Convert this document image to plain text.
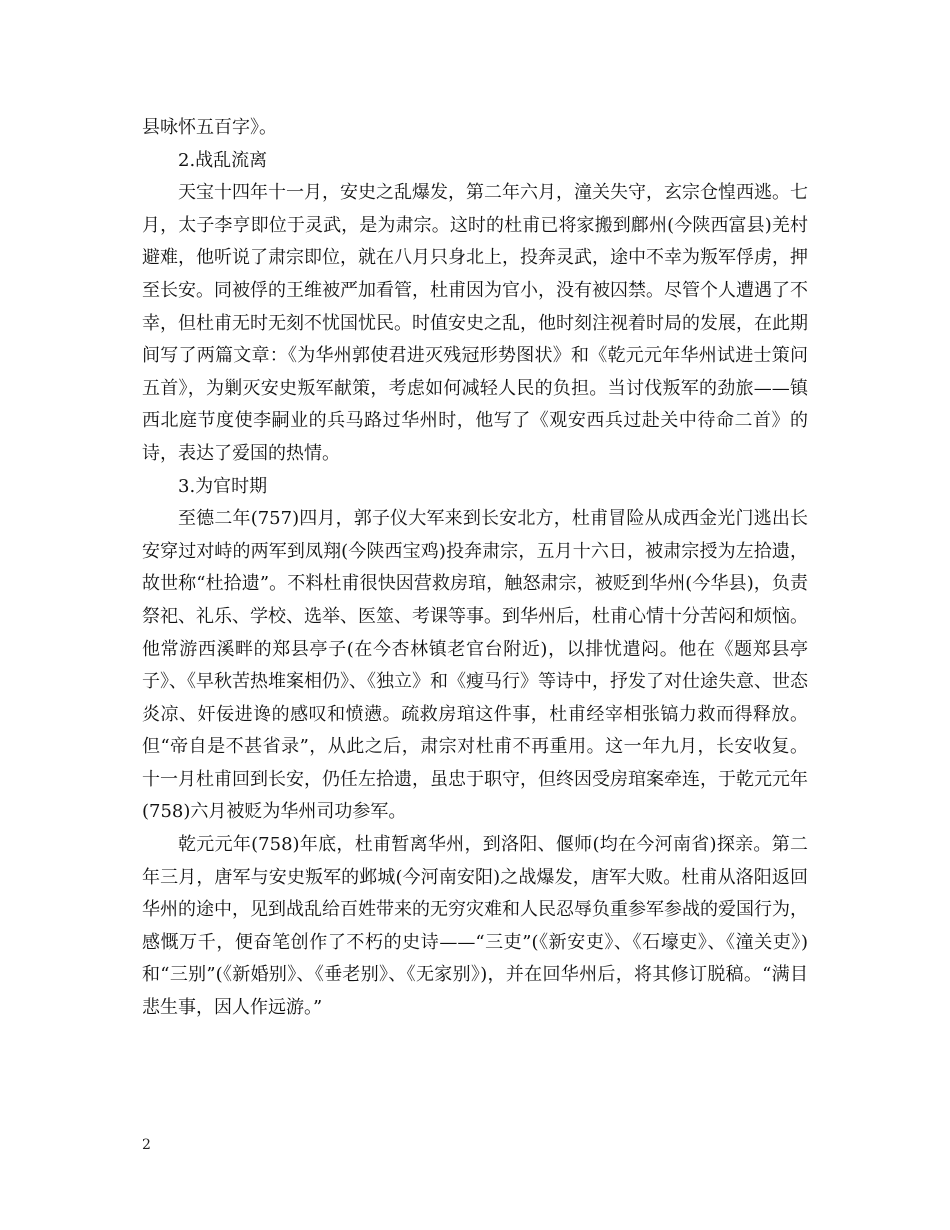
县咏怀五百字》。

2.战乱流离

天宝十四年十一月，安史之乱爆发，第二年六月，潼关失守，玄宗仓惶西逃。七月，太子李亨即位于灵武，是为肃宗。这时的杜甫已将家搬到鄜州(今陕西富县)羌村避难，他听说了肃宗即位，就在八月只身北上，投奔灵武，途中不幸为叛军俘虏，押至长安。同被俘的王维被严加看管，杜甫因为官小，没有被囚禁。尽管个人遭遇了不幸，但杜甫无时无刻不忧国忧民。时值安史之乱，他时刻注视着时局的发展，在此期间写了两篇文章：《为华州郭使君进灭残冠形势图状》和《乾元元年华州试进士策问五首》，为剿灭安史叛军献策，考虑如何减轻人民的负担。当讨伐叛军的劲旅——镇西北庭节度使李嗣业的兵马路过华州时，他写了《观安西兵过赴关中待命二首》的诗，表达了爱国的热情。

3.为官时期

至德二年(757)四月，郭子仪大军来到长安北方，杜甫冒险从成西金光门逃出长安穿过对峙的两军到凤翔(今陕西宝鸡)投奔肃宗，五月十六日，被肃宗授为左拾遗，故世称“杜拾遗”。不料杜甫很快因营救房琯，触怒肃宗，被贬到华州(今华县)，负责祭祀、礼乐、学校、选举、医筮、考课等事。到华州后，杜甫心情十分苦闷和烦恼。他常游西溪畔的郑县亭子(在今杏林镇老官台附近)，以排忧遣闷。他在《题郑县亭子》、《早秋苦热堆案相仍》、《独立》和《瘦马行》等诗中，抒发了对仕途失意、世态炎凉、奸佞进谗的感叹和愤懑。疏救房琯这件事，杜甫经宰相张镐力救而得释放。但“帝自是不甚省录”，从此之后，肃宗对杜甫不再重用。这一年九月，长安收复。十一月杜甫回到长安，仍任左拾遗，虽忠于职守，但终因受房琯案牵连，于乾元元年(758)六月被贬为华州司功参军。

乾元元年(758)年底，杜甫暂离华州，到洛阳、偃师(均在今河南省)探亲。第二年三月，唐军与安史叛军的邺城(今河南安阳)之战爆发，唐军大败。杜甫从洛阳返回华州的途中，见到战乱给百姓带来的无穷灾难和人民忍辱负重参军参战的爱国行为，感慨万千，便奋笔创作了不朽的史诗——“三吏”(《新安吏》、《石壕吏》、《潼关吏》)和“三别”(《新婚别》、《垂老别》、《无家别》)，并在回华州后，将其修订脱稿。“满目悲生事，因人作远游。”

2
